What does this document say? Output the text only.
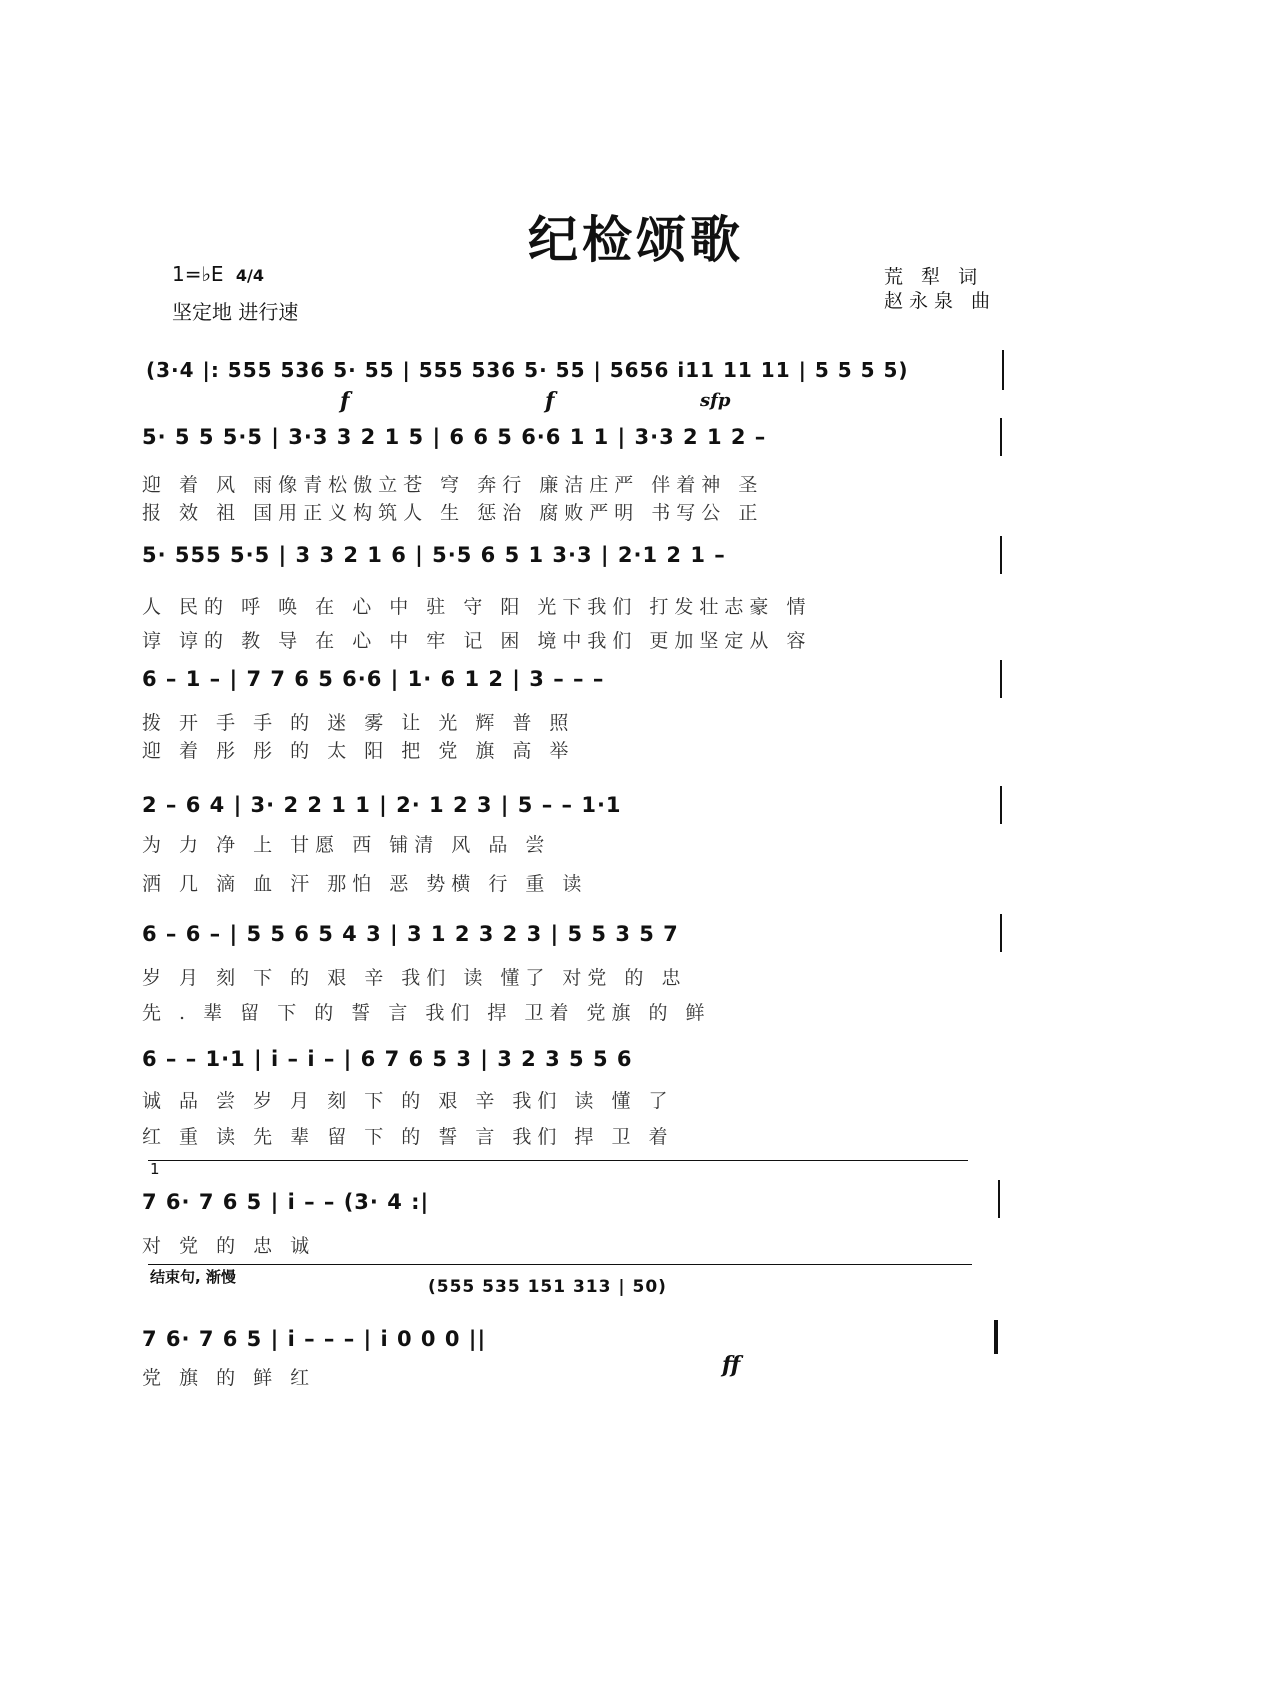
纪检颂歌
1=♭E 4/4
坚定地 进行速
荒 犁 词
赵永泉 曲
(3·4 |: 555 536 5· 55 | 555 536 5· 55 | 5656 i11 11 11 | 5 5 5 5)
f	f	sfp
5· 5 5 5·5 | 3·3 3 2 1 5 | 6 6 5 6·6 1 1 | 3·3 2 1 2 –
迎 着 风 雨像青松傲立苍 穹 奔行 廉洁庄严 伴着神 圣
报 效 祖 国用正义构筑人 生 惩治 腐败严明 书写公 正
5· 555 5·5 | 3 3 2 1 6 | 5·5 6 5 1 3·3 | 2·1 2 1 –
人 民的 呼 唤 在 心 中 驻 守 阳 光下我们 打发壮志豪 情
谆 谆的 教 导 在 心 中 牢 记 困 境中我们 更加坚定从 容
6 – 1 – | 7 7 6 5 6·6 | 1· 6 1 2 | 3 – – –
拨 开 手 手 的 迷 雾 让 光 辉 普 照
迎 着 彤 彤 的 太 阳 把 党 旗 高 举
2 – 6 4 | 3· 2 2 1 1 | 2· 1 2 3 | 5 – – 1·1
为 力 净 上 甘愿 西 铺清 风 品 尝
洒 几 滴 血 汗 那怕 恶 势横 行 重 读
6 – 6 – | 5 5 6 5 4 3 | 3 1 2 3 2 3 | 5 5 3 5 7
岁 月 刻 下 的 艰 辛 我们 读 懂了 对党 的 忠
先 . 辈 留 下 的 誓 言 我们 捍 卫着 党旗 的 鲜
6 – – 1·1 | i – i – | 6 7 6 5 3 | 3 2 3 5 5 6
诚 品 尝 岁 月 刻 下 的 艰 辛 我们 读 懂 了
红 重 读 先 辈 留 下 的 誓 言 我们 捍 卫 着
1
7 6· 7 6 5 | i – – (3· 4 :|
对 党 的 忠 诚
结束句, 渐慢	(555 535 151 313 | 50)
7 6· 7 6 5 | i – – – | i 0 0 0 ||
党 旗 的 鲜 红	ff
